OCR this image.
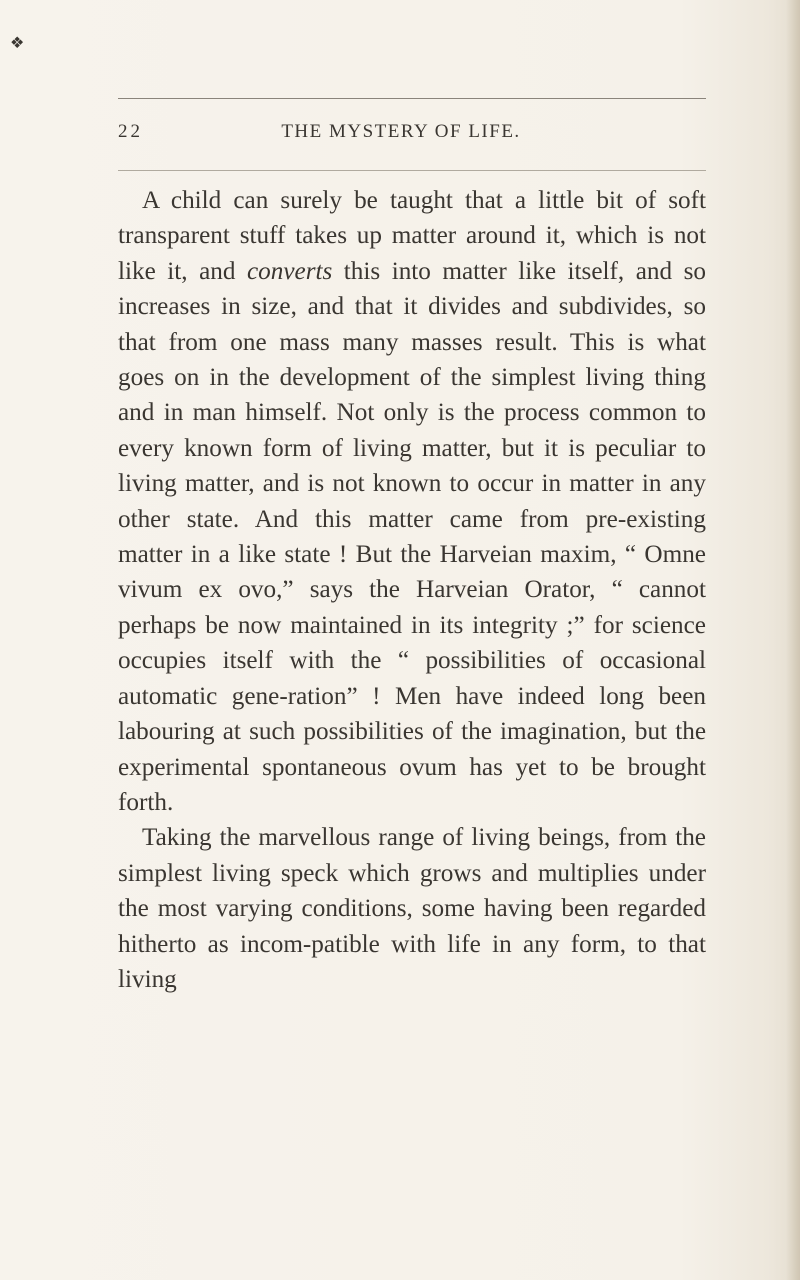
❖
22	THE MYSTERY OF LIFE.

A child can surely be taught that a little bit of soft transparent stuff takes up matter around it, which is not like it, and converts this into matter like itself, and so increases in size, and that it divides and subdivides, so that from one mass many masses result. This is what goes on in the development of the simplest living thing and in man himself. Not only is the process common to every known form of living matter, but it is peculiar to living matter, and is not known to occur in matter in any other state. And this matter came from pre-existing matter in a like state ! But the Harveian maxim, “ Omne vivum ex ovo,” says the Harveian Orator, “ cannot perhaps be now maintained in its integrity ;” for science occupies itself with the “ possibilities of occasional automatic gene-ration” ! Men have indeed long been labouring at such possibilities of the imagination, but the experimental spontaneous ovum has yet to be brought forth.

Taking the marvellous range of living beings, from the simplest living speck which grows and multiplies under the most varying conditions, some having been regarded hitherto as incom-patible with life in any form, to that living
